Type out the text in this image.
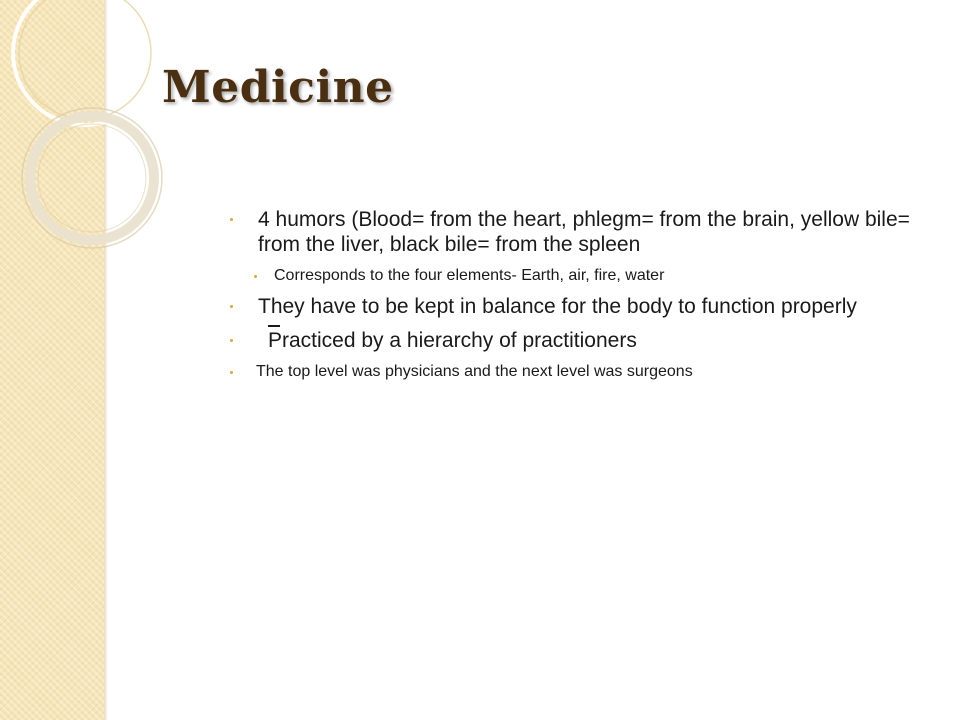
Medicine
4 humors (Blood= from the heart, phlegm= from the brain, yellow bile= from the liver, black bile= from the spleen
Corresponds to the four elements- Earth, air, fire, water
They have to be kept in balance for the body to function properly
Practiced by a hierarchy of practitioners
The top level was physicians and the next level was surgeons
